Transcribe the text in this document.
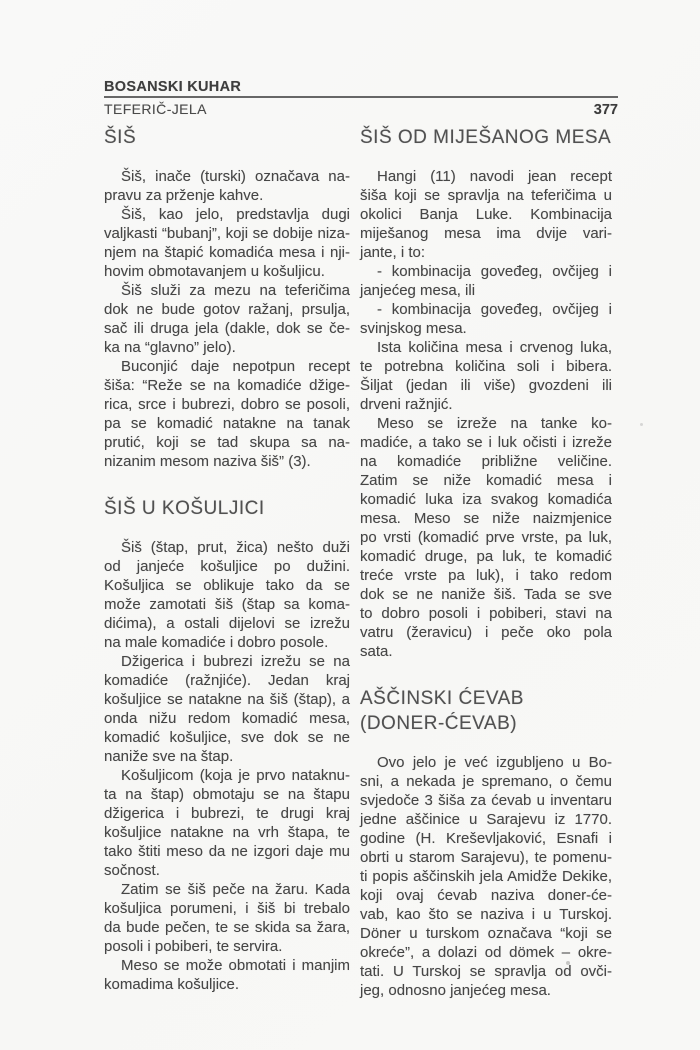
BOSANSKI KUHAR
TEFERIČ-JELA	377
ŠIŠ
Šiš, inače (turski) označava na-
pravu za prženje kahve.
Šiš, kao jelo, predstavlja dugi
valjkasti “bubanj”, koji se dobije niza-
njem na štapić komadića mesa i nji-
hovim obmotavanjem u košuljicu.
Šiš služi za mezu na teferičima
dok ne bude gotov ražanj, prsulja,
sač ili druga jela (dakle, dok se če-
ka na “glavno” jelo).
Buconjić daje nepotpun recept
šiša: “Reže se na komadiće džige-
rica, srce i bubrezi, dobro se posoli,
pa se komadić natakne na tanak
prutić, koji se tad skupa sa na-
nizanim mesom naziva šiš” (3).
ŠIŠ U KOŠULJICI
Šiš (štap, prut, žica) nešto duži
od janjeće košuljice po dužini.
Košuljica se oblikuje tako da se
može zamotati šiš (štap sa koma-
dićima), a ostali dijelovi se izrežu
na male komadiće i dobro posole.
Džigerica i bubrezi izrežu se na
komadiće (ražnjiće). Jedan kraj
košuljice se natakne na šiš (štap), a
onda nižu redom komadić mesa,
komadić košuljice, sve dok se ne
naniže sve na štap.
Košuljicom (koja je prvo nataknu-
ta na štap) obmotaju se na štapu
džigerica i bubrezi, te drugi kraj
košuljice natakne na vrh štapa, te
tako štiti meso da ne izgori daje mu
sočnost.
Zatim se šiš peče na žaru. Kada
košuljica porumeni, i šiš bi trebalo
da bude pečen, te se skida sa žara,
posoli i pobiberi, te servira.
Meso se može obmotati i manjim
komadima košuljice.
ŠIŠ OD MIJEŠANOG MESA
Hangi (11) navodi jean recept
šiša koji se spravlja na teferičima u
okolici Banja Luke. Kombinacija
miješanog mesa ima dvije vari-
jante, i to:
- kombinacija goveđeg, ovčijeg i
janjećeg mesa, ili
- kombinacija goveđeg, ovčijeg i
svinjskog mesa.
Ista količina mesa i crvenog luka,
te potrebna količina soli i bibera.
Šiljat (jedan ili više) gvozdeni ili
drveni ražnjić.
Meso se izreže na tanke ko-
madiće, a tako se i luk očisti i izreže
na komadiće približne veličine.
Zatim se niže komadić mesa i
komadić luka iza svakog komadića
mesa. Meso se niže naizmjenice
po vrsti (komadić prve vrste, pa luk,
komadić druge, pa luk, te komadić
treće vrste pa luk), i tako redom
dok se ne naniže šiš. Tada se sve
to dobro posoli i pobiberi, stavi na
vatru (žeravicu) i peče oko pola
sata.
AŠČINSKI ĆEVAB
(DONER-ĆEVAB)
Ovo jelo je već izgubljeno u Bo-
sni, a nekada je spremano, o čemu
svjedoče 3 šiša za ćevab u inventaru
jedne aščinice u Sarajevu iz 1770.
godine (H. Kreševljaković, Esnafi i
obrti u starom Sarajevu), te pomenu-
ti popis aščinskih jela Amidže Dekike,
koji ovaj ćevab naziva doner-će-
vab, kao što se naziva i u Turskoj.
Döner u turskom označava “koji se
okreće”, a dolazi od dömek – okre-
tati. U Turskoj se spravlja od ovči-
jeg, odnosno janjećeg mesa.
